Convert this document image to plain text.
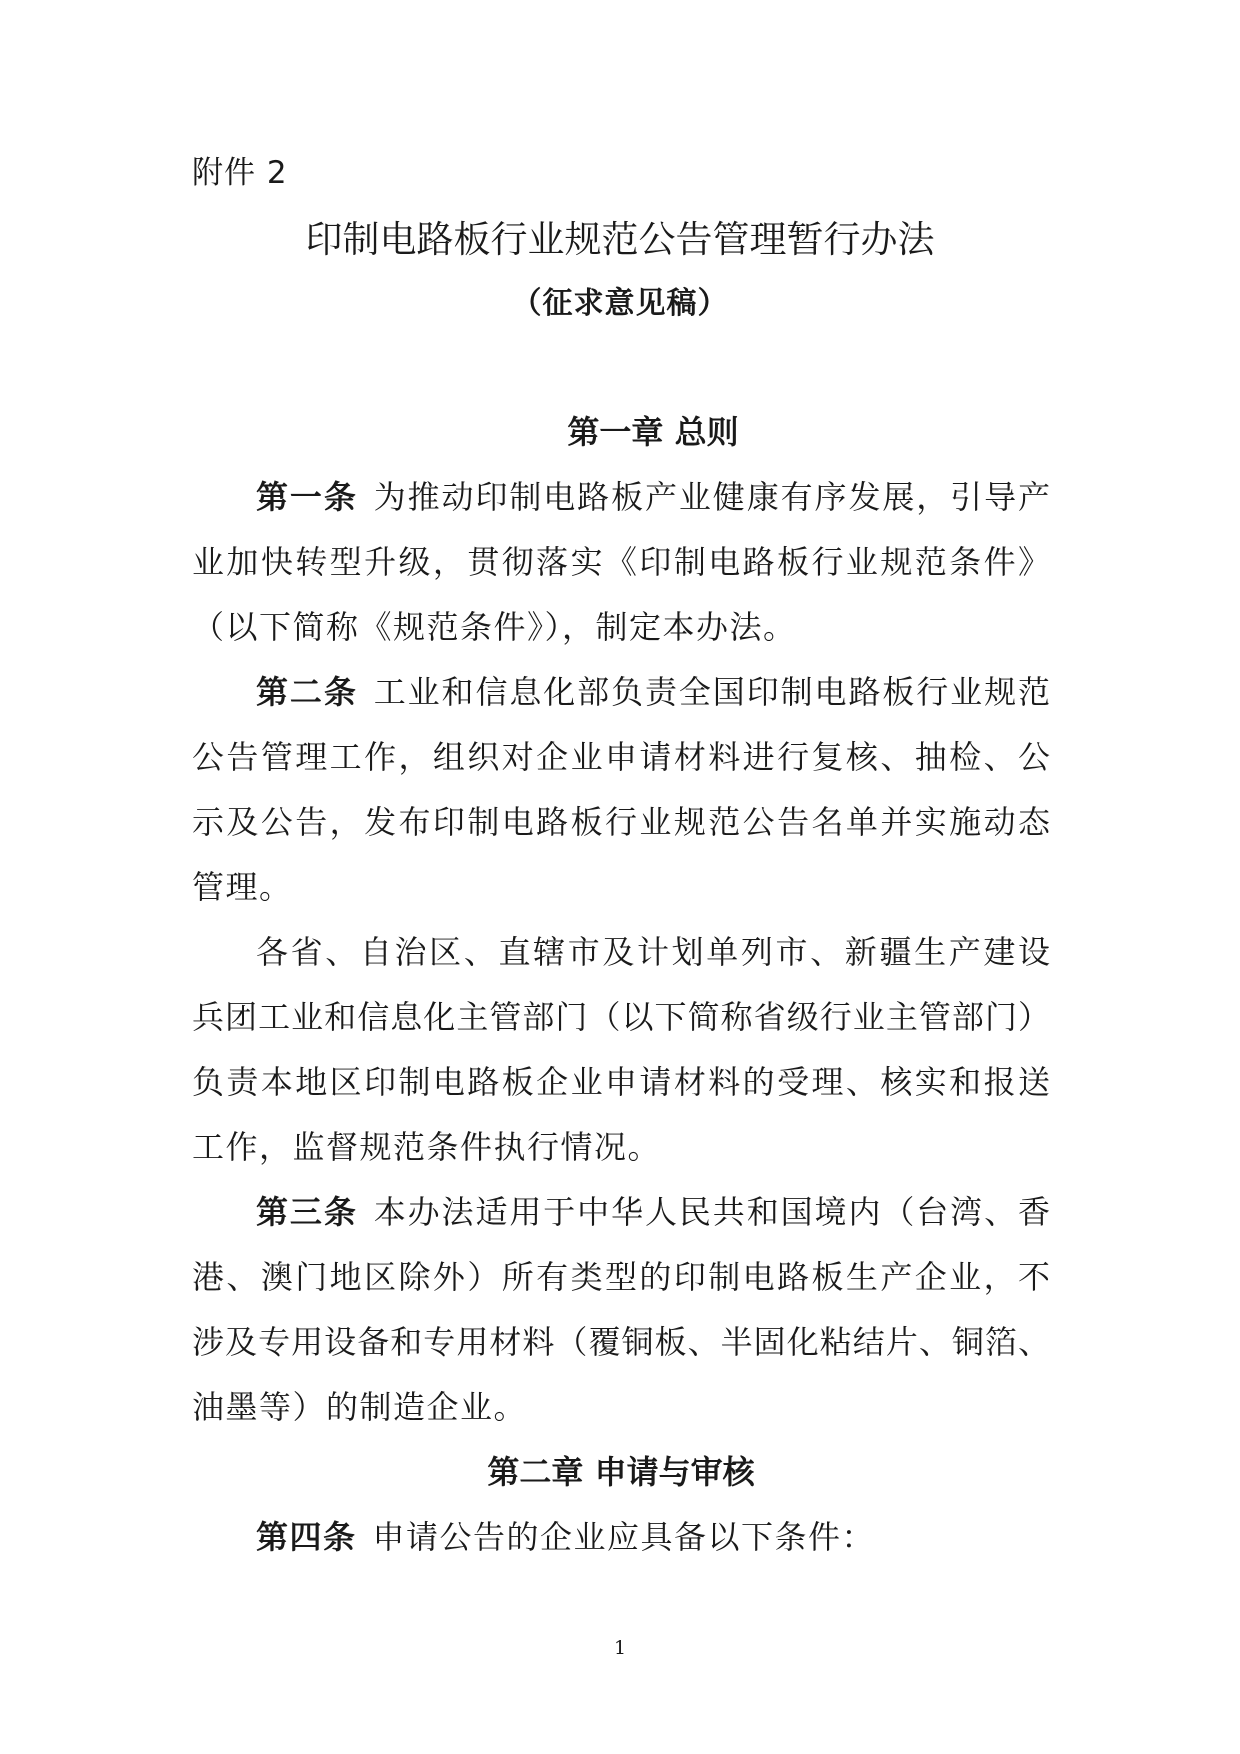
附件 2
印制电路板行业规范公告管理暂行办法
（征求意见稿）
第一章 总则
第一条 为推动印制电路板产业健康有序发展，引导产
业加快转型升级，贯彻落实《印制电路板行业规范条件》
（以下简称《规范条件》），制定本办法。
第二条 工业和信息化部负责全国印制电路板行业规范
公告管理工作，组织对企业申请材料进行复核、抽检、公
示及公告，发布印制电路板行业规范公告名单并实施动态
管理。
各省、自治区、直辖市及计划单列市、新疆生产建设
兵团工业和信息化主管部门（以下简称省级行业主管部门）
负责本地区印制电路板企业申请材料的受理、核实和报送
工作，监督规范条件执行情况。
第三条 本办法适用于中华人民共和国境内（台湾、香
港、澳门地区除外）所有类型的印制电路板生产企业，不
涉及专用设备和专用材料（覆铜板、半固化粘结片、铜箔、
油墨等）的制造企业。
第二章 申请与审核
第四条 申请公告的企业应具备以下条件：
1
